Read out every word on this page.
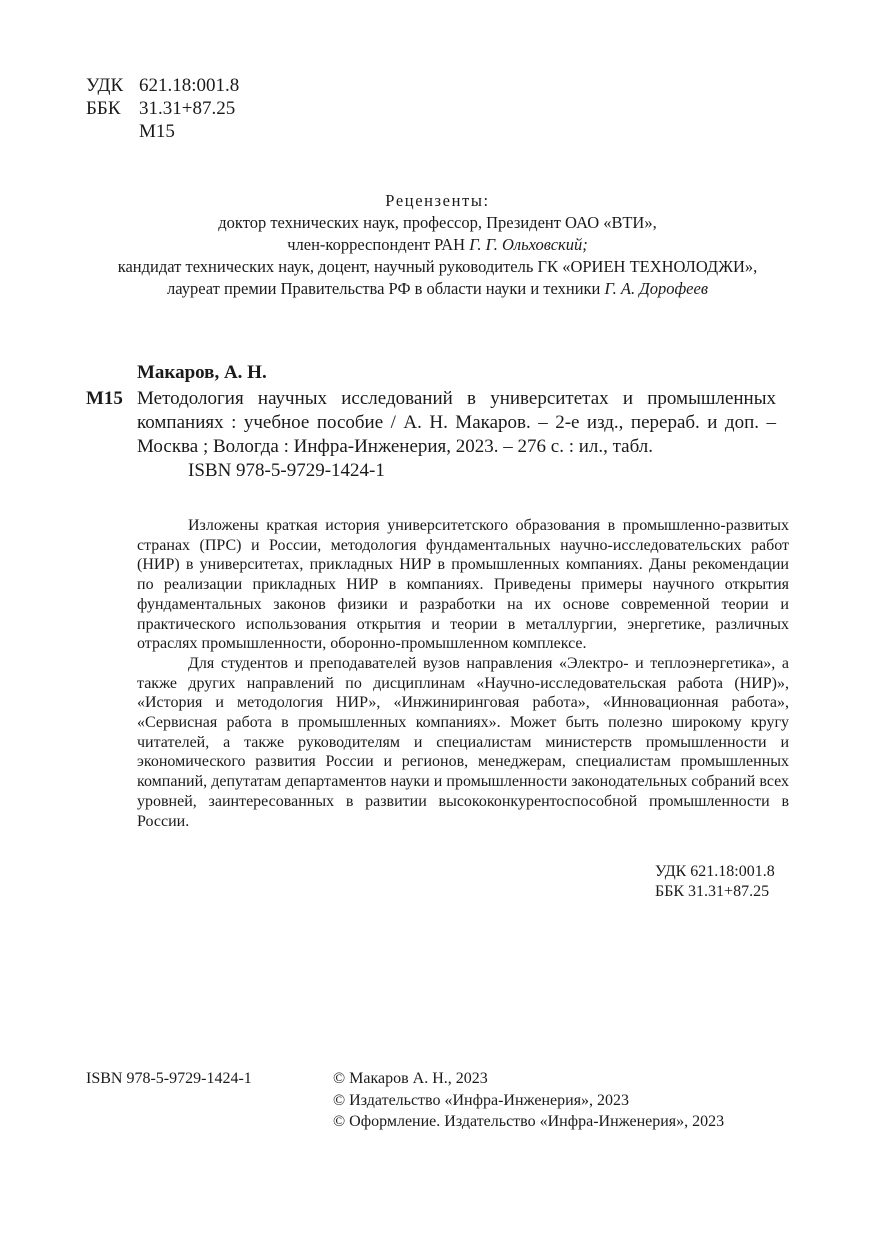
УДК 621.18:001.8
ББК 31.31+87.25
М15
Рецензенты:
доктор технических наук, профессор, Президент ОАО «ВТИ»,
член-корреспондент РАН Г. Г. Ольховский;
кандидат технических наук, доцент, научный руководитель ГК «ОРИЕН ТЕХНОЛОДЖИ»,
лауреат премии Правительства РФ в области науки и техники Г. А. Дорофеев
Макаров, А. Н.
М15 Методология научных исследований в университетах и промышленных компаниях : учебное пособие / А. Н. Макаров. – 2-е изд., перераб. и доп. – Москва ; Вологда : Инфра-Инженерия, 2023. – 276 с. : ил., табл.
ISBN 978-5-9729-1424-1

Изложены краткая история университетского образования в промышленно-развитых странах (ПРС) и России, методология фундаментальных научно-исследовательских работ (НИР) в университетах, прикладных НИР в промышленных компаниях. Даны рекомендации по реализации прикладных НИР в компаниях. Приведены примеры научного открытия фундаментальных законов физики и разработки на их основе современной теории и практического использования открытия и теории в металлургии, энергетике, различных отраслях промышленности, оборонно-промышленном комплексе.

Для студентов и преподавателей вузов направления «Электро- и теплоэнергетика», а также других направлений по дисциплинам «Научно-исследовательская работа (НИР)», «История и методология НИР», «Инжиниринговая работа», «Инновационная работа», «Сервисная работа в промышленных компаниях». Может быть полезно широкому кругу читателей, а также руководителям и специалистам министерств промышленности и экономического развития России и регионов, менеджерам, специалистам промышленных компаний, депутатам департаментов науки и промышленности законодательных собраний всех уровней, заинтересованных в развитии высококонкурентоспособной промышленности в России.

УДК 621.18:001.8
ББК 31.31+87.25
ISBN 978-5-9729-1424-1	© Макаров А. Н., 2023
© Издательство «Инфра-Инженерия», 2023
© Оформление. Издательство «Инфра-Инженерия», 2023
